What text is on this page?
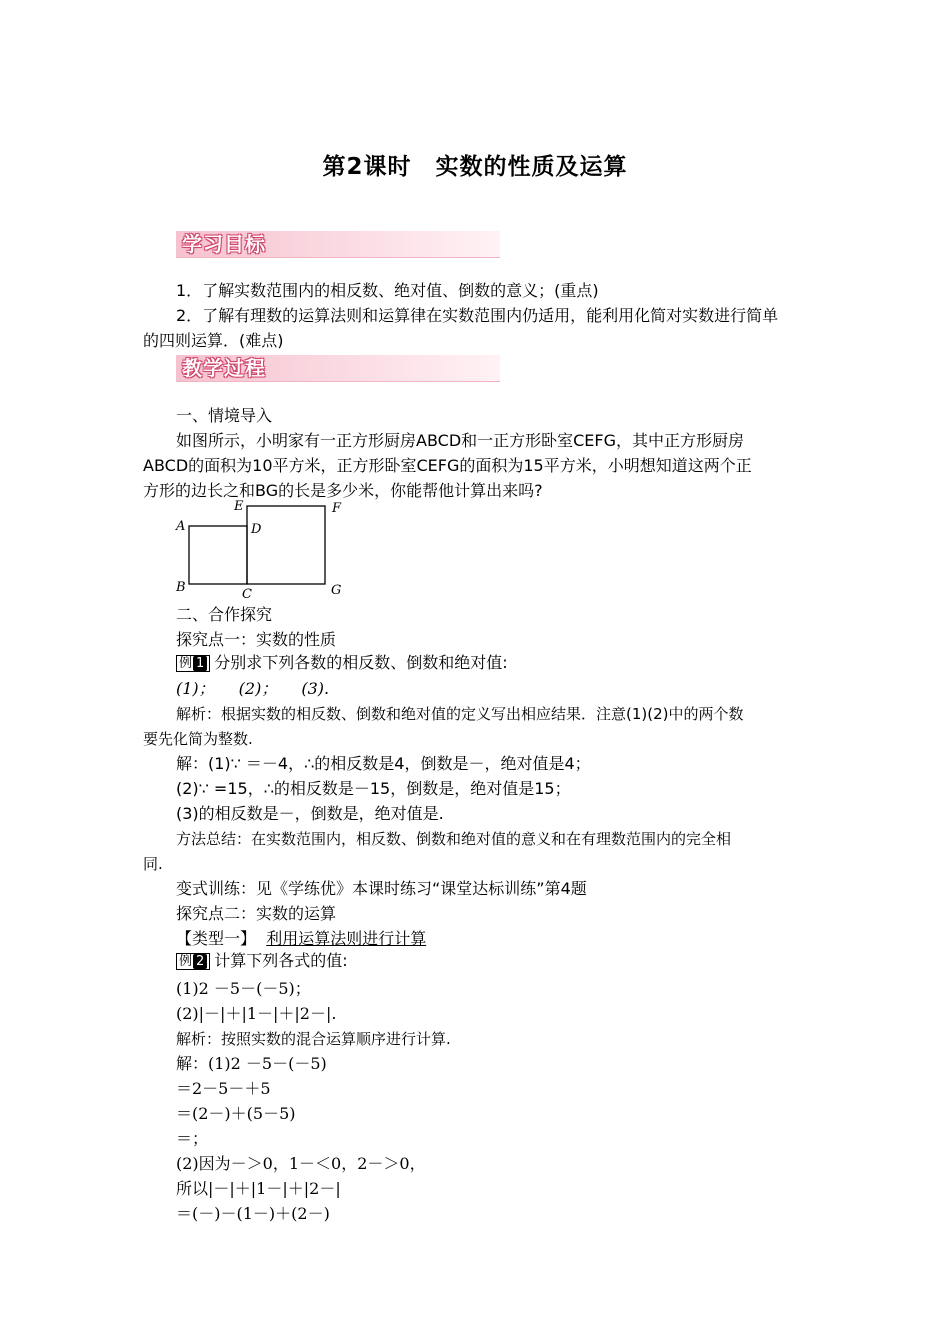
第2课时　实数的性质及运算
学习目标
1．了解实数范围内的相反数、绝对值、倒数的意义；(重点)
2．了解有理数的运算法则和运算律在实数范围内仍适用，能利用化简对实数进行简单
的四则运算．(难点)
教学过程
一、情境导入
如图所示，小明家有一正方形厨房ABCD和一正方形卧室CEFG，其中正方形厨房
ABCD的面积为10平方米，正方形卧室CEFG的面积为15平方米，小明想知道这两个正
方形的边长之和BG的长是多少米，你能帮他计算出来吗?
A
B	C
D
E	F
G
二、合作探究
探究点一：实数的性质
例 1 分别求下列各数的相反数、倒数和绝对值:
(1)；　　(2)；　　(3).
解析：根据实数的相反数、倒数和绝对值的定义写出相应结果．注意(1)(2)中的两个数
要先化简为整数.
解：(1)∵ ＝－4，∴的相反数是4，倒数是－，绝对值是4；
(2)∵ =15，∴的相反数是－15，倒数是，绝对值是15；
(3)的相反数是－，倒数是，绝对值是.
方法总结：在实数范围内，相反数、倒数和绝对值的意义和在有理数范围内的完全相
同.
变式训练：见《学练优》本课时练习“课堂达标训练”第4题
探究点二：实数的运算
【类型一】 利用运算法则进行计算
例 2 计算下列各式的值:
(1)2 －5－(－5)；
(2)|－|＋|1－|＋|2－|.
解析：按照实数的混合运算顺序进行计算.
解：(1)2 －5－(－5)
＝2－5－＋5
＝(2－)＋(5－5)
＝；
(2)因为－＞0，1－＜0，2－＞0，
所以|－|＋|1－|＋|2－|
＝(－)－(1－)＋(2－)
